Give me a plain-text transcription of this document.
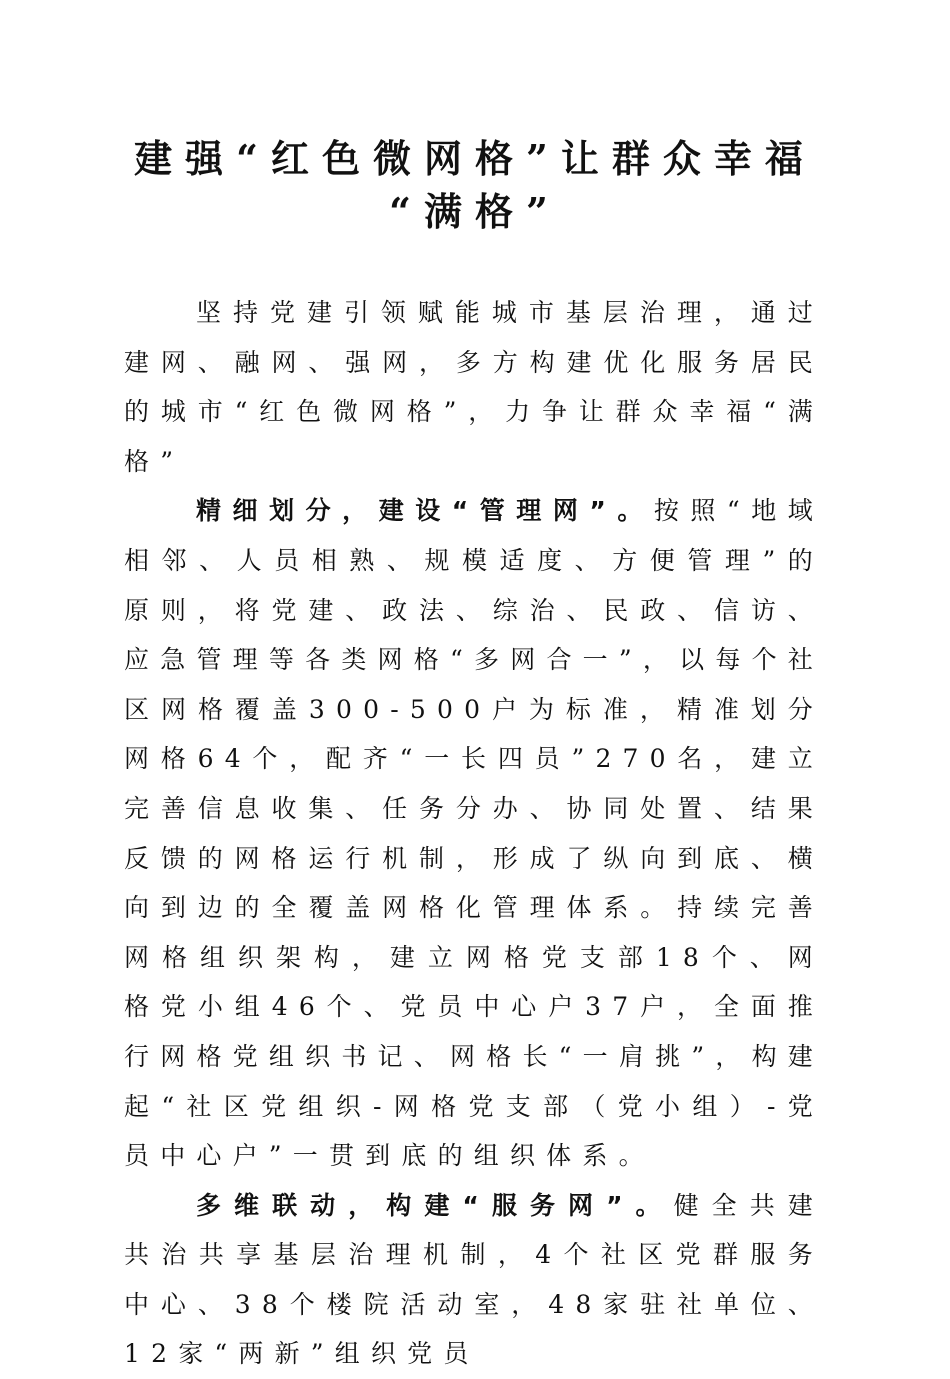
建强“红色微网格”让群众幸福
“满格”

坚持党建引领赋能城市基层治理，通过建网、融网、强网，多方构建优化服务居民的城市“红色微网格”，力争让群众幸福“满格”

精细划分，建设“管理网”。按照“地域相邻、人员相熟、规模适度、方便管理”的原则，将党建、政法、综治、民政、信访、应急管理等各类网格“多网合一”，以每个社区网格覆盖300-500户为标准，精准划分网格64个，配齐“一长四员”270名，建立完善信息收集、任务分办、协同处置、结果反馈的网格运行机制，形成了纵向到底、横向到边的全覆盖网格化管理体系。持续完善网格组织架构，建立网格党支部18个、网格党小组46个、党员中心户37户，全面推行网格党组织书记、网格长“一肩挑”，构建起“社区党组织-网格党支部（党小组）-党员中心户”一贯到底的组织体系。

多维联动，构建“服务网”。健全共建共治共享基层治理机制，4个社区党群服务中心、38个楼院活动室，48家驻社单位、12家“两新”组织党员
